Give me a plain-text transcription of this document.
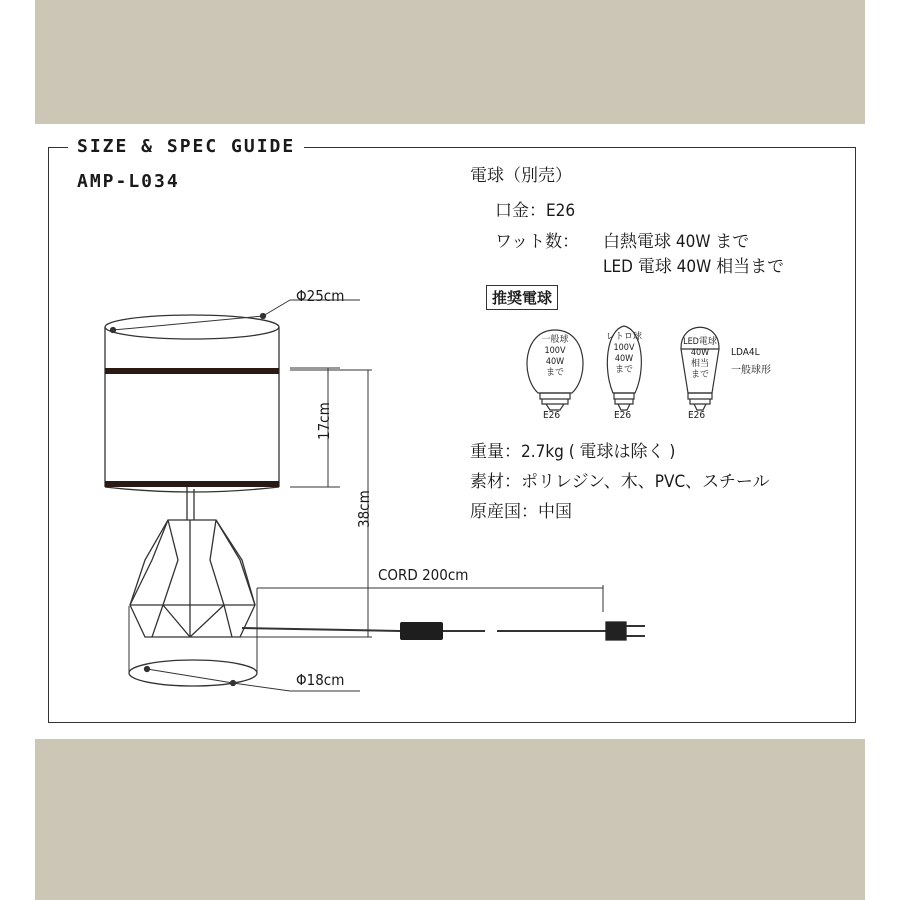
SIZE & SPEC GUIDE
AMP-L034	電球（別売）
口金：E26
ワット数： 白熱電球 40W まで
LED 電球 40W 相当まで
推奨電球
重量：2.7kg ( 電球は除く )
素材：ポリレジン、木、PVC、スチール
原産国：中国
Φ25cm
Φ18cm
CORD 200cm
17cm
38cm
一般球
100V
40W
まで
レトロ球
100V
40W
まで
LED電球
40W
相当
まで
E26	E26	E26
LDA4L
一般球形
